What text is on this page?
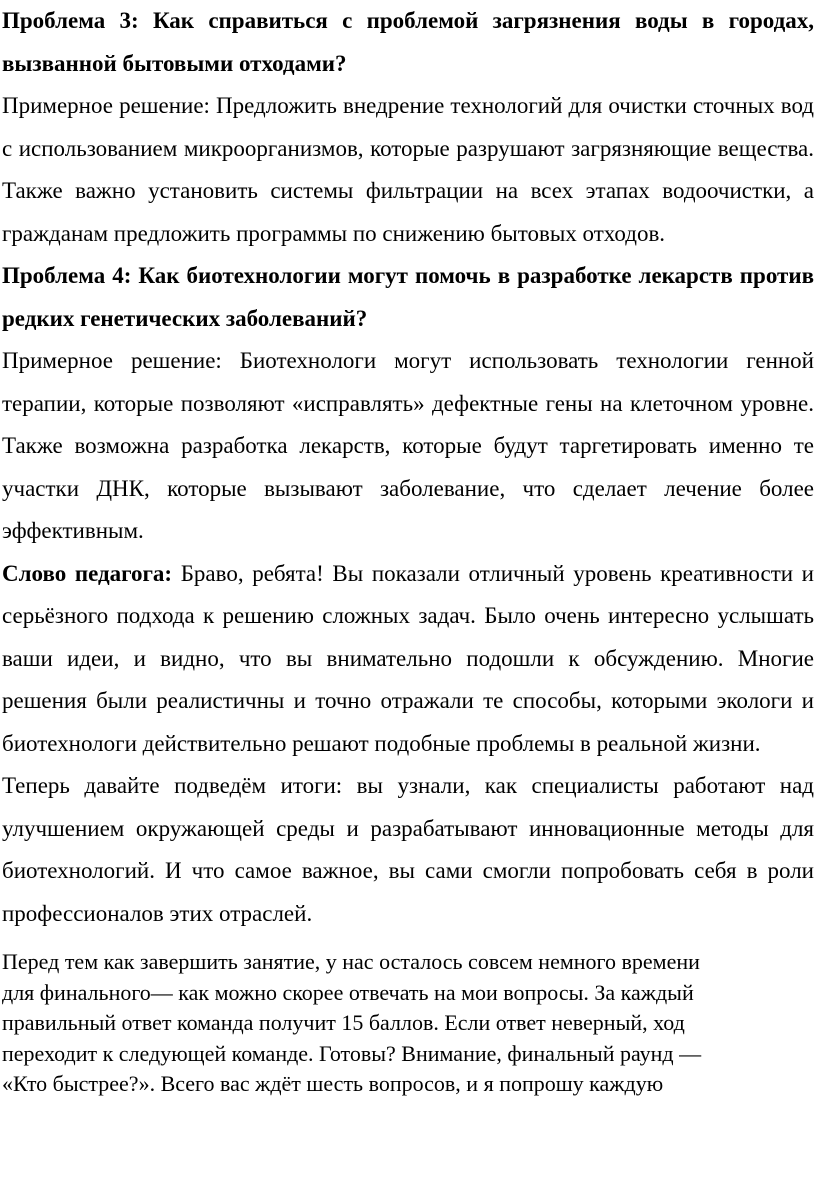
Проблема 3: Как справиться с проблемой загрязнения воды в городах, вызванной бытовыми отходами?

Примерное решение: Предложить внедрение технологий для очистки сточных вод с использованием микроорганизмов, которые разрушают загрязняющие вещества. Также важно установить системы фильтрации на всех этапах водоочистки, а гражданам предложить программы по снижению бытовых отходов.

Проблема 4: Как биотехнологии могут помочь в разработке лекарств против редких генетических заболеваний?

Примерное решение: Биотехнологи могут использовать технологии генной терапии, которые позволяют «исправлять» дефектные гены на клеточном уровне. Также возможна разработка лекарств, которые будут таргетировать именно те участки ДНК, которые вызывают заболевание, что сделает лечение более эффективным.

Слово педагога: Браво, ребята! Вы показали отличный уровень креативности и серьёзного подхода к решению сложных задач. Было очень интересно услышать ваши идеи, и видно, что вы внимательно подошли к обсуждению. Многие решения были реалистичны и точно отражали те способы, которыми экологи и биотехнологи действительно решают подобные проблемы в реальной жизни.

Теперь давайте подведём итоги: вы узнали, как специалисты работают над улучшением окружающей среды и разрабатывают инновационные методы для биотехнологий. И что самое важное, вы сами смогли попробовать себя в роли профессионалов этих отраслей.

Перед тем как завершить занятие, у нас осталось совсем немного времени
для финального— как можно скорее отвечать на мои вопросы. За каждый
правильный ответ команда получит 15 баллов. Если ответ неверный, ход
переходит к следующей команде. Готовы? Внимание, финальный раунд —
«Кто быстрее?». Всего вас ждёт шесть вопросов, и я попрошу каждую
